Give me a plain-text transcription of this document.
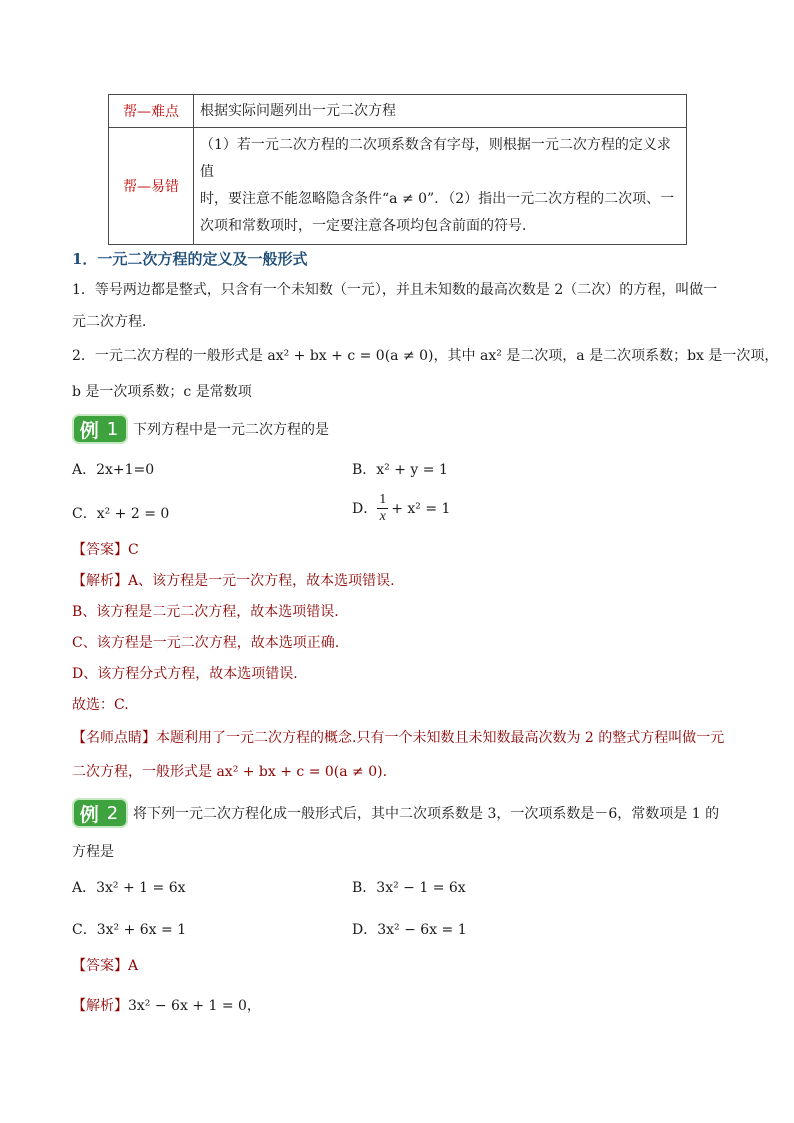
帮—难点	根据实际问题列出一元二次方程
帮—易错	（1）若一元二次方程的二次项系数含有字母，则根据一元二次方程的定义求值
时，要注意不能忽略隐含条件“a ≠ 0”．（2）指出一元二次方程的二次项、一
次项和常数项时，一定要注意各项均包含前面的符号．
1．一元二次方程的定义及一般形式
1．等号两边都是整式，只含有一个未知数（一元），并且未知数的最高次数是 2（二次）的方程，叫做一
元二次方程．
2．一元二次方程的一般形式是 ax² + bx + c = 0(a ≠ 0)，其中 ax² 是二次项，a 是二次项系数；bx 是一次项，
b 是一次项系数；c 是常数项
例 1 下列方程中是一元二次方程的是
A．2x+1=0	B．x² + y = 1
C．x² + 2 = 0	D． $\frac{1}{x} + x^2 = 1$
【答案】C
【解析】A、该方程是一元一次方程，故本选项错误.
B、该方程是二元二次方程，故本选项错误.
C、该方程是一元二次方程，故本选项正确.
D、该方程分式方程，故本选项错误.
故选：C.
【名师点睛】本题利用了一元二次方程的概念.只有一个未知数且未知数最高次数为 2 的整式方程叫做一元
二次方程，一般形式是 ax² + bx + c = 0(a ≠ 0).
例 2 将下列一元二次方程化成一般形式后，其中二次项系数是 3，一次项系数是－6，常数项是 1 的
方程是
A．3x² + 1 = 6x	B．3x² − 1 = 6x
C．3x² + 6x = 1	D．3x² − 6x = 1
【答案】A
【解析】3x² − 6x + 1 = 0，
